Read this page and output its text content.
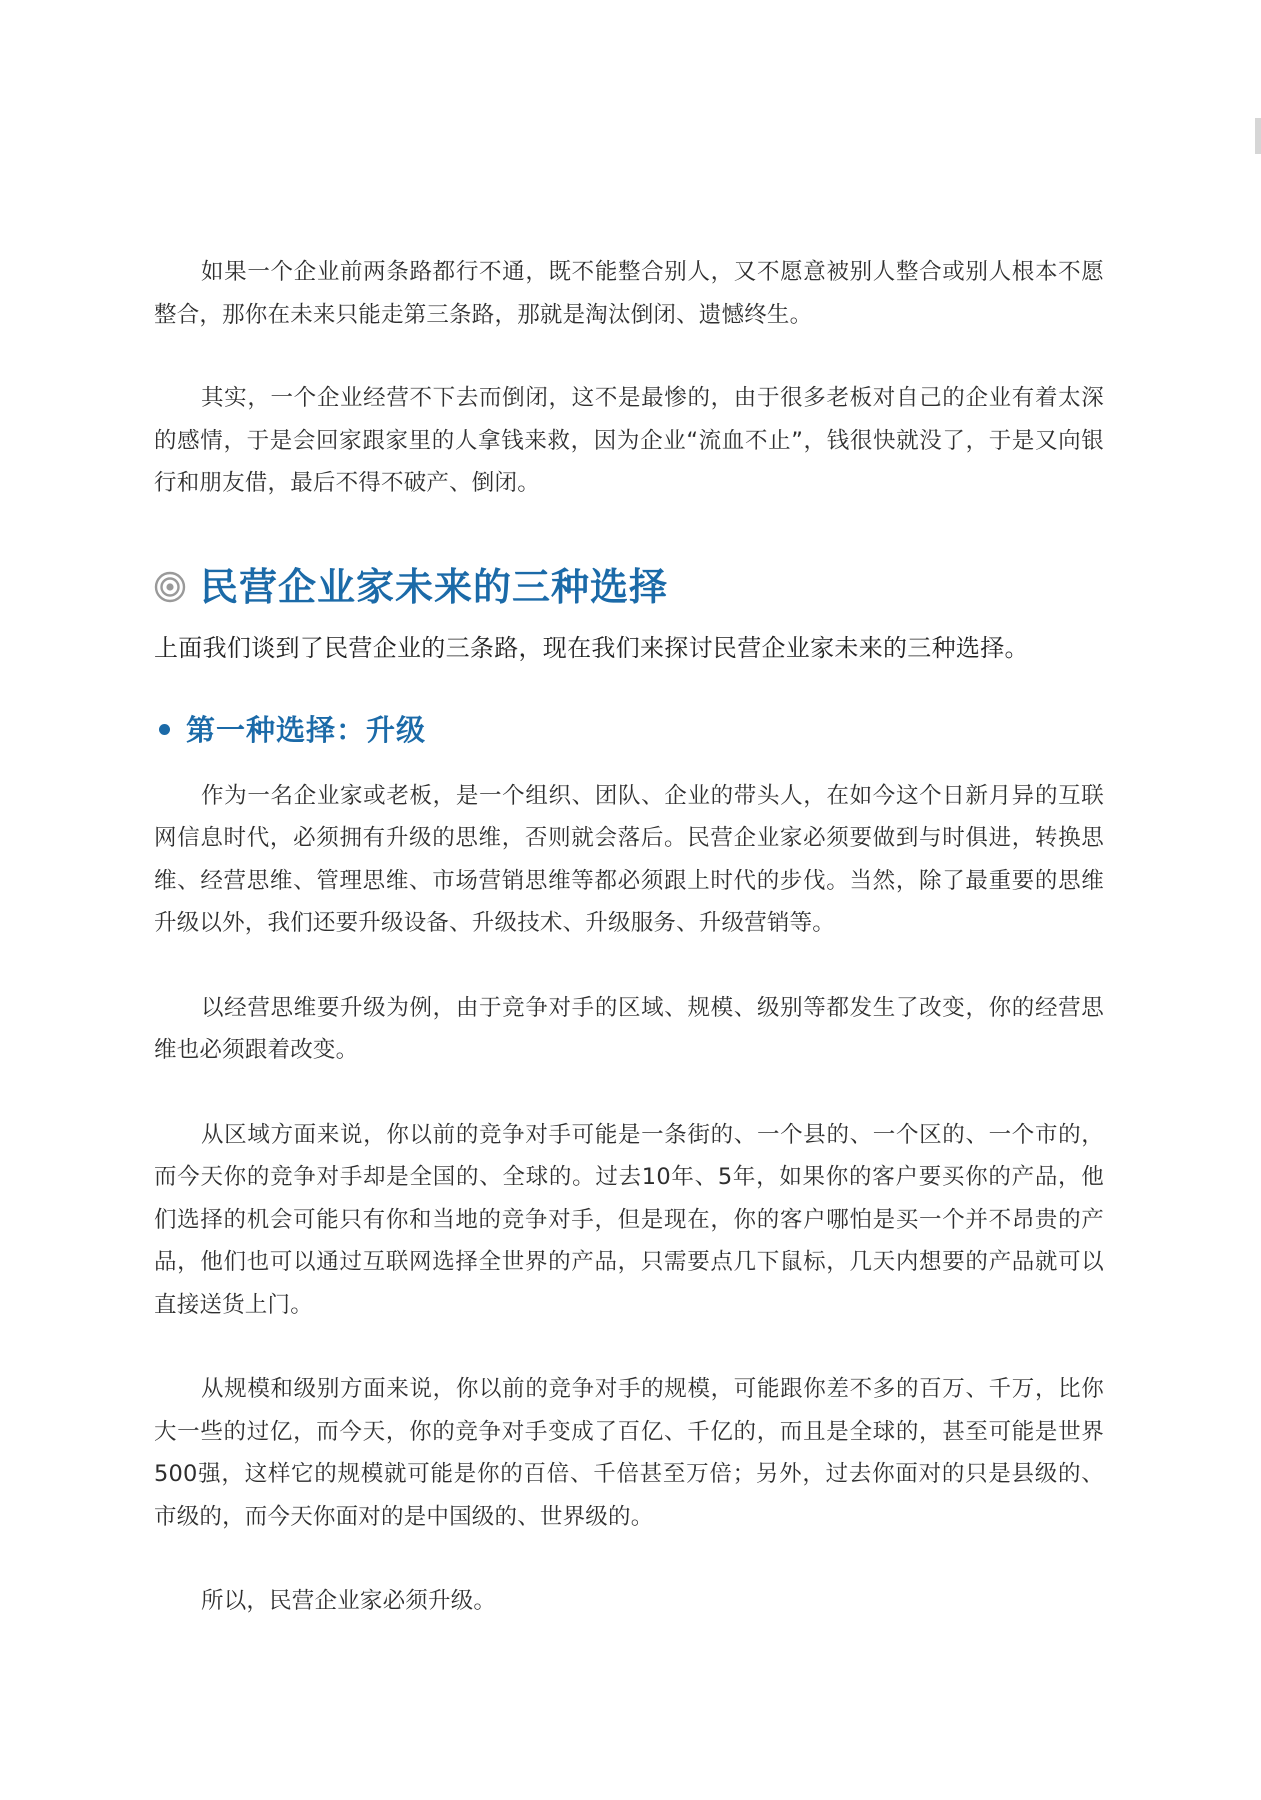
如果一个企业前两条路都行不通，既不能整合别人，又不愿意被别人整合或别人根本不愿整合，那你在未来只能走第三条路，那就是淘汰倒闭、遗憾终生。

其实，一个企业经营不下去而倒闭，这不是最惨的，由于很多老板对自己的企业有着太深的感情，于是会回家跟家里的人拿钱来救，因为企业“流血不止”，钱很快就没了，于是又向银行和朋友借，最后不得不破产、倒闭。

民营企业家未来的三种选择

上面我们谈到了民营企业的三条路，现在我们来探讨民营企业家未来的三种选择。

第一种选择：升级

作为一名企业家或老板，是一个组织、团队、企业的带头人，在如今这个日新月异的互联网信息时代，必须拥有升级的思维，否则就会落后。民营企业家必须要做到与时俱进，转换思维、经营思维、管理思维、市场营销思维等都必须跟上时代的步伐。当然，除了最重要的思维升级以外，我们还要升级设备、升级技术、升级服务、升级营销等。

以经营思维要升级为例，由于竞争对手的区域、规模、级别等都发生了改变，你的经营思维也必须跟着改变。

从区域方面来说，你以前的竞争对手可能是一条街的、一个县的、一个区的、一个市的，而今天你的竞争对手却是全国的、全球的。过去10年、5年，如果你的客户要买你的产品，他们选择的机会可能只有你和当地的竞争对手，但是现在，你的客户哪怕是买一个并不昂贵的产品，他们也可以通过互联网选择全世界的产品，只需要点几下鼠标，几天内想要的产品就可以直接送货上门。

从规模和级别方面来说，你以前的竞争对手的规模，可能跟你差不多的百万、千万，比你大一些的过亿，而今天，你的竞争对手变成了百亿、千亿的，而且是全球的，甚至可能是世界500强，这样它的规模就可能是你的百倍、千倍甚至万倍；另外，过去你面对的只是县级的、市级的，而今天你面对的是中国级的、世界级的。

所以，民营企业家必须升级。
